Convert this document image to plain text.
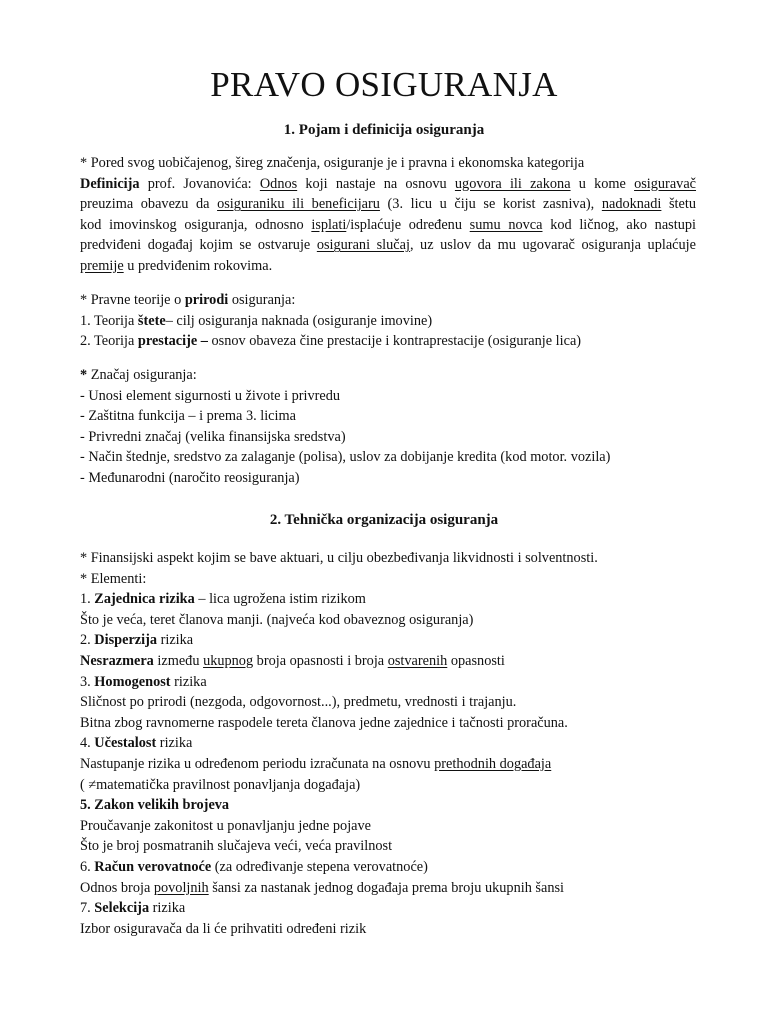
PRAVO OSIGURANJA
1. Pojam i definicija osiguranja
* Pored svog uobičajenog, šireg značenja, osiguranje je i pravna i ekonomska kategorija
Definicija prof. Jovanovića: Odnos koji nastaje na osnovu ugovora ili zakona u kome osiguravač
preuzima obavezu da osiguraniku ili beneficijaru (3. licu u čiju se korist zasniva), nadoknadi štetu
kod imovinskog osiguranja, odnosno isplati/isplaćuje određenu sumu novca kod ličnog, ako nastupi
predviđeni događaj kojim se ostvaruje osigurani slučaj, uz uslov da mu ugovarač osiguranja uplaćuje
premije u predviđenim rokovima.
* Pravne teorije o prirodi osiguranja:
1. Teorija štete– cilj osiguranja naknada (osiguranje imovine)
2. Teorija prestacije – osnov obaveza čine prestacije i kontraprestacije (osiguranje lica)
* Značaj osiguranja:
- Unosi element sigurnosti u živote i privredu
- Zaštitna funkcija – i prema 3. licima
- Privredni značaj (velika finansijska sredstva)
- Način štednje, sredstvo za zalaganje (polisa), uslov za dobijanje kredita (kod motor. vozila)
- Međunarodni (naročito reosiguranja)
2. Tehnička organizacija osiguranja
* Finansijski aspekt kojim se bave aktuari, u cilju obezbeđivanja likvidnosti i solventnosti.
* Elementi:
1. Zajednica rizika – lica ugrožena istim rizikom
Što je veća, teret članova manji. (najveća kod obaveznog osiguranja)
2. Disperzija rizika
Nesrazmera između ukupnog broja opasnosti i broja ostvarenih opasnosti
3. Homogenost rizika
Sličnost po prirodi (nezgoda, odgovornost...), predmetu, vrednosti i trajanju.
Bitna zbog ravnomerne raspodele tereta članova jedne zajednice i tačnosti proračuna.
4. Učestalost rizika
Nastupanje rizika u određenom periodu izračunata na osnovu prethodnih događaja
( ≠matematička pravilnost ponavljanja događaja)
5. Zakon velikih brojeva
Proučavanje zakonitost u ponavljanju jedne pojave
Što je broj posmatranih slučajeva veći, veća pravilnost
6. Račun verovatnoće (za određivanje stepena verovatnoće)
Odnos broja povoljnih šansi za nastanak jednog događaja prema broju ukupnih šansi
7. Selekcija rizika
Izbor osiguravača da li će prihvatiti određeni rizik
